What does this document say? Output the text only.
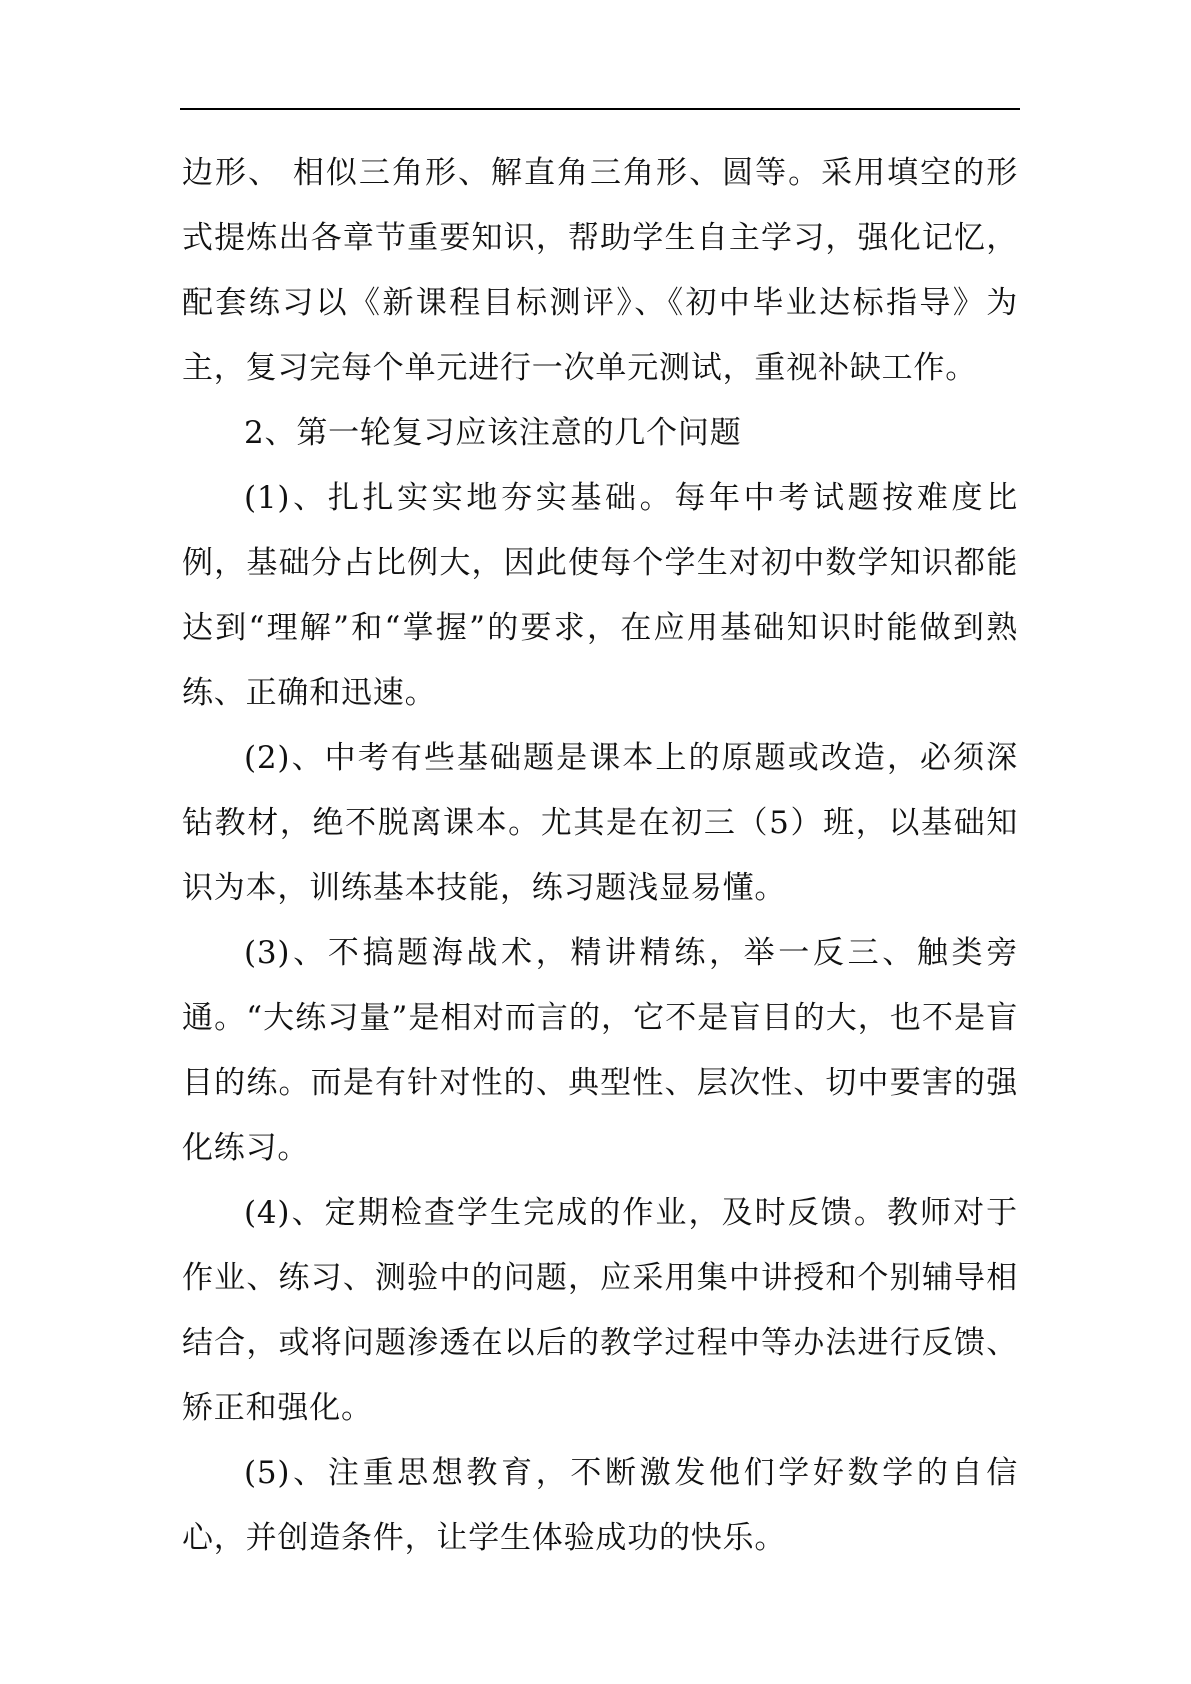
边形、 相似三角形、解直角三角形、圆等。采用填空的形式提炼出各章节重要知识，帮助学生自主学习，强化记忆，配套练习以《新课程目标测评》、《初中毕业达标指导》为主，复习完每个单元进行一次单元测试，重视补缺工作。

2、第一轮复习应该注意的几个问题

(1)、扎扎实实地夯实基础。每年中考试题按难度比例，基础分占比例大，因此使每个学生对初中数学知识都能达到“理解”和“掌握”的要求，在应用基础知识时能做到熟练、正确和迅速。

(2)、中考有些基础题是课本上的原题或改造，必须深钻教材，绝不脱离课本。尤其是在初三（5）班，以基础知识为本，训练基本技能，练习题浅显易懂。

(3)、不搞题海战术，精讲精练，举一反三、触类旁通。“大练习量”是相对而言的，它不是盲目的大，也不是盲目的练。而是有针对性的、典型性、层次性、切中要害的强化练习。

(4)、定期检查学生完成的作业，及时反馈。教师对于作业、练习、测验中的问题，应采用集中讲授和个别辅导相结合，或将问题渗透在以后的教学过程中等办法进行反馈、矫正和强化。

(5)、注重思想教育，不断激发他们学好数学的自信心，并创造条件，让学生体验成功的快乐。
